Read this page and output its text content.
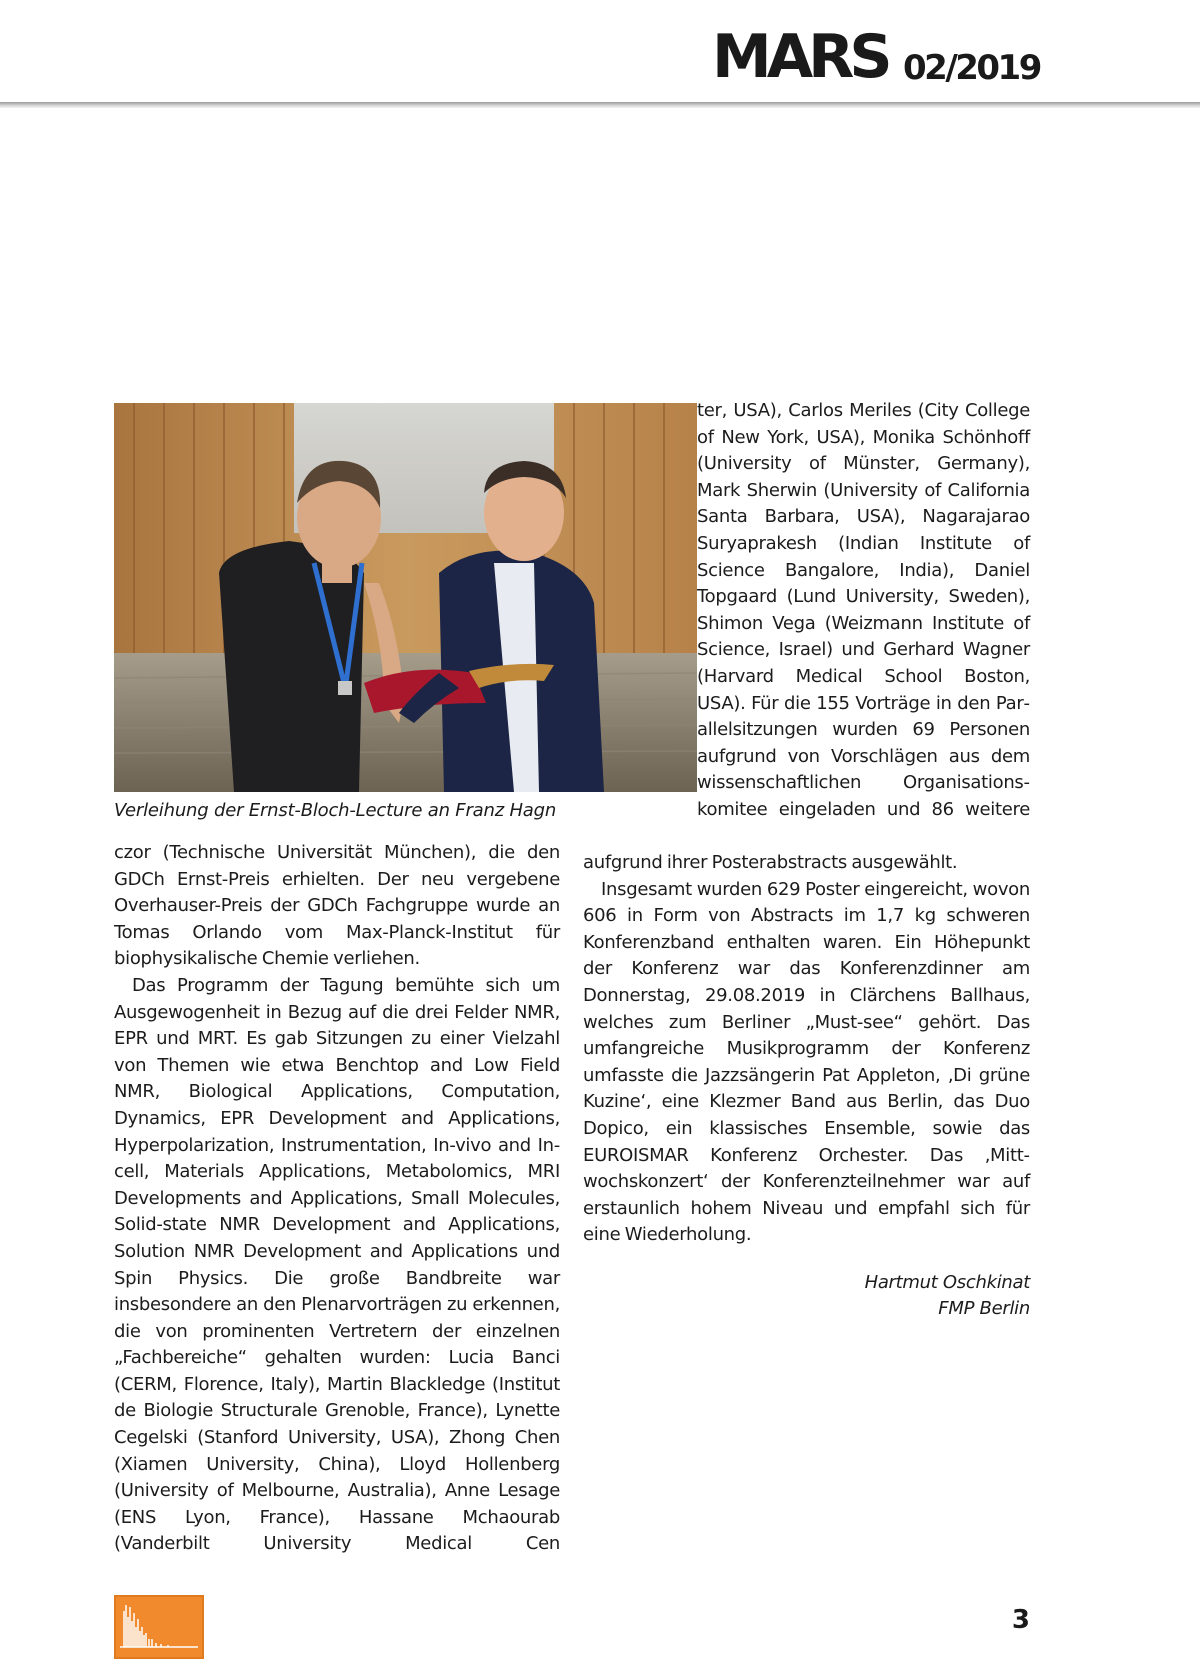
MARS 02/2019
Verleihung der Ernst-Bloch-Lecture an Franz Hagn

ter, USA), Carlos Meriles (City College of New York, USA), Monika Schönhoff (University of Münster, Germany), Mark Sherwin (University of California Santa Barbara, USA), Nagarajarao Suryaprakesh (Indian Institute of Science Bangalore, India), Daniel Topgaard (Lund University, Sweden), Shimon Vega (Weizmann Institute of Science, Israel) und Gerhard Wagner (Harvard Medical School Boston, USA). Für die 155 Vorträge in den Parallelsitzungen wurden 69 Personen aufgrund von Vorschlägen aus dem wissenschaftlichen Organisationskomitee eingeladen und 86 weitere

czor (Technische Universität München), die den GDCh Ernst-Preis erhielten. Der neu vergebene Overhauser-Preis der GDCh Fachgruppe wurde an Tomas Orlando vom Max-Planck-Institut für biophysikalische Chemie verliehen.

Das Programm der Tagung bemühte sich um Ausgewogenheit in Bezug auf die drei Felder NMR, EPR und MRT. Es gab Sitzungen zu einer Vielzahl von Themen wie etwa Benchtop and Low Field NMR, Biological Applications, Computation, Dynamics, EPR Development and Applications, Hyperpolarization, Instrumentation, In-vivo and In-cell, Materials Applications, Metabolomics, MRI Developments and Applications, Small Molecules, Solid-state NMR Development and Applications, Solution NMR Development and Applications und Spin Physics. Die große Bandbreite war insbesondere an den Plenarvorträgen zu erkennen, die von prominenten Vertretern der einzelnen „Fachbereiche“ gehalten wurden: Lucia Banci (CERM, Florence, Italy), Martin Blackledge (Institut de Biologie Structurale Grenoble, France), Lynette Cegelski (Stanford University, USA), Zhong Chen (Xiamen University, China), Lloyd Hollenberg (University of Melbourne, Australia), Anne Lesage (ENS Lyon, France), Hassane Mchaourab (Vanderbilt University Medical Cen

aufgrund ihrer Posterabstracts ausgewählt.

Insgesamt wurden 629 Poster eingereicht, wovon 606 in Form von Abstracts im 1,7 kg schweren Konferenzband enthalten waren. Ein Höhepunkt der Konferenz war das Konferenzdinner am Donnerstag, 29.08.2019 in Clärchens Ballhaus, welches zum Berliner „Must-see“ gehört. Das umfangreiche Musikprogramm der Konferenz umfasste die Jazzsängerin Pat Appleton, ‚Di grüne Kuzine‘, eine Klezmer Band aus Berlin, das Duo Dopico, ein klassisches Ensemble, sowie das EUROISMAR Konferenz Orchester. Das ‚Mittwochskonzert‘ der Konferenzteilnehmer war auf erstaunlich hohem Niveau und empfahl sich für eine Wiederholung.

Hartmut Oschkinat
FMP Berlin
3
